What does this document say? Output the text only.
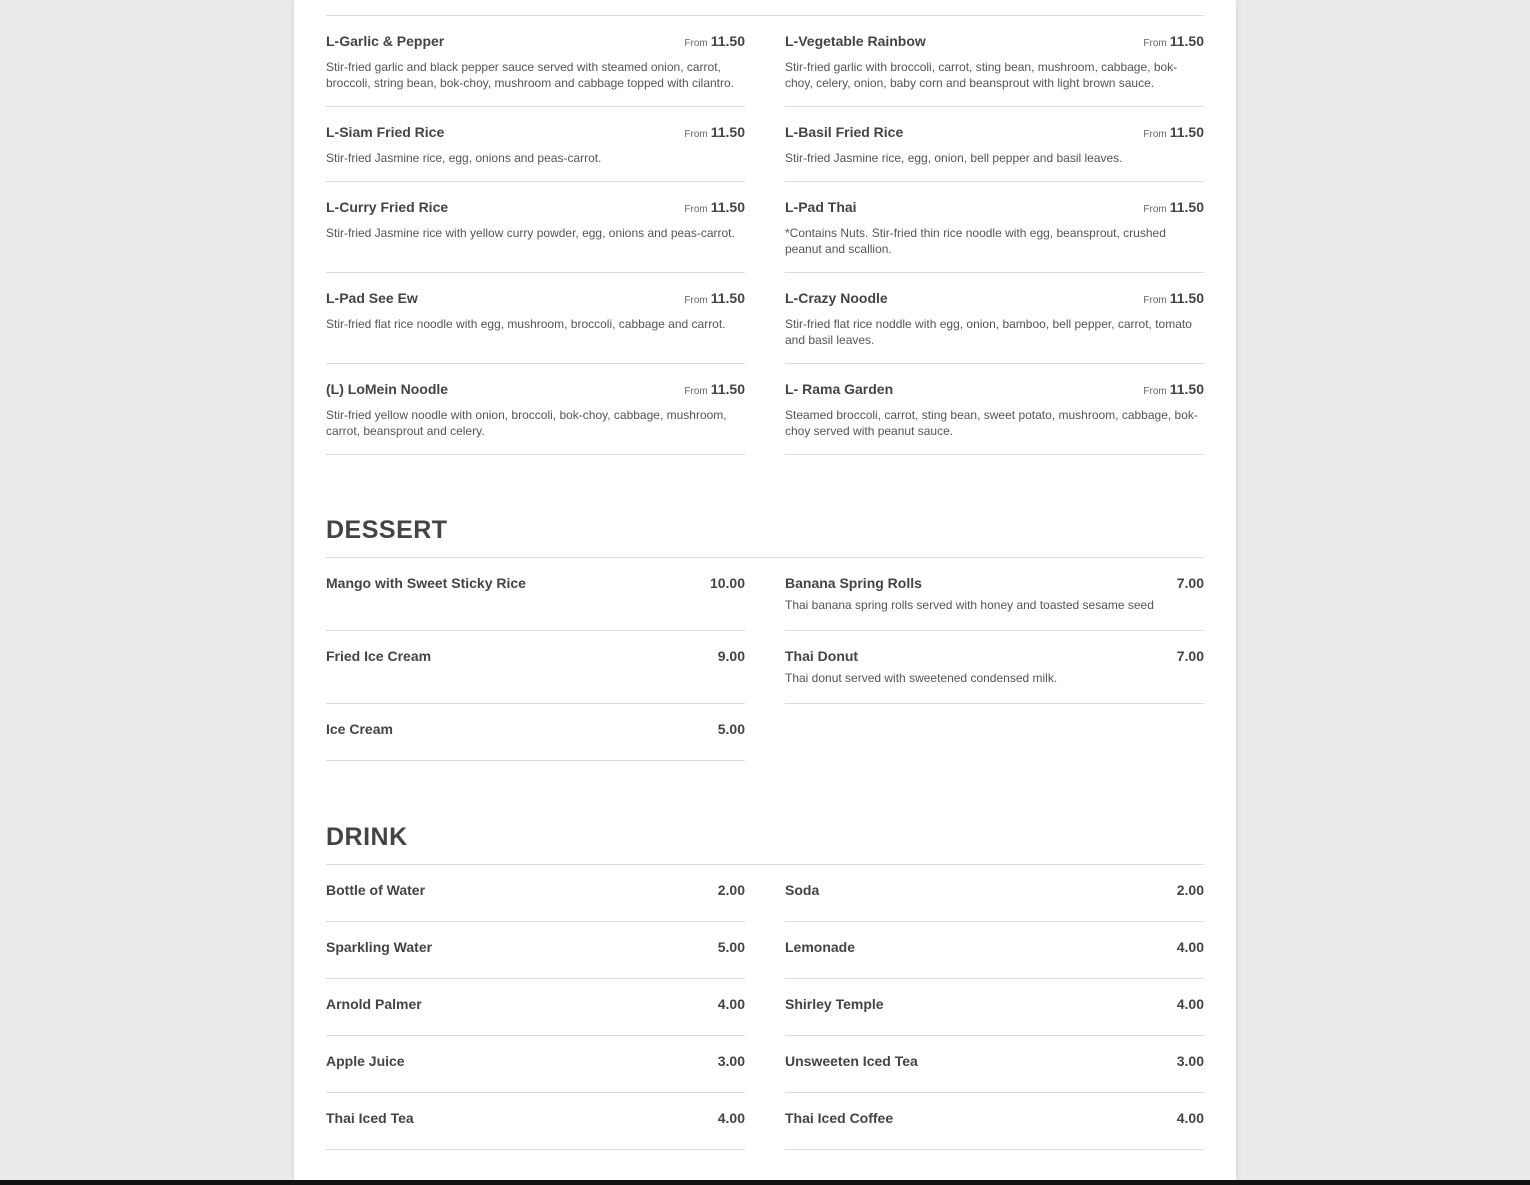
L-Garlic & Pepper	From 11.50
Stir-fried garlic and black pepper sauce served with steamed onion, carrot, broccoli, string bean, bok-choy, mushroom and cabbage topped with cilantro.
L-Vegetable Rainbow	From 11.50
Stir-fried garlic with broccoli, carrot, sting bean, mushroom, cabbage, bok-choy, celery, onion, baby corn and beansprout with light brown sauce.
L-Siam Fried Rice	From 11.50
Stir-fried Jasmine rice, egg, onions and peas-carrot.
L-Basil Fried Rice	From 11.50
Stir-fried Jasmine rice, egg, onion, bell pepper and basil leaves.
L-Curry Fried Rice	From 11.50
Stir-fried Jasmine rice with yellow curry powder, egg, onions and peas-carrot.
L-Pad Thai	From 11.50
*Contains Nuts. Stir-fried thin rice noodle with egg, beansprout, crushed peanut and scallion.
L-Pad See Ew	From 11.50
Stir-fried flat rice noodle with egg, mushroom, broccoli, cabbage and carrot.
L-Crazy Noodle	From 11.50
Stir-fried flat rice noddle with egg, onion, bamboo, bell pepper, carrot, tomato and basil leaves.
(L) LoMein Noodle	From 11.50
Stir-fried yellow noodle with onion, broccoli, bok-choy, cabbage, mushroom, carrot, beansprout and celery.
L- Rama Garden	From 11.50
Steamed broccoli, carrot, sting bean, sweet potato, mushroom, cabbage, bok-choy served with peanut sauce.
DESSERT
Mango with Sweet Sticky Rice	10.00	Banana Spring Rolls	7.00
Thai banana spring rolls served with honey and toasted sesame seed
Fried Ice Cream	9.00	Thai Donut	7.00
Thai donut served with sweetened condensed milk.
Ice Cream	5.00
DRINK
Bottle of Water	2.00	Soda	2.00
Sparkling Water	5.00	Lemonade	4.00
Arnold Palmer	4.00	Shirley Temple	4.00
Apple Juice	3.00	Unsweeten Iced Tea	3.00
Thai Iced Tea	4.00	Thai Iced Coffee	4.00
